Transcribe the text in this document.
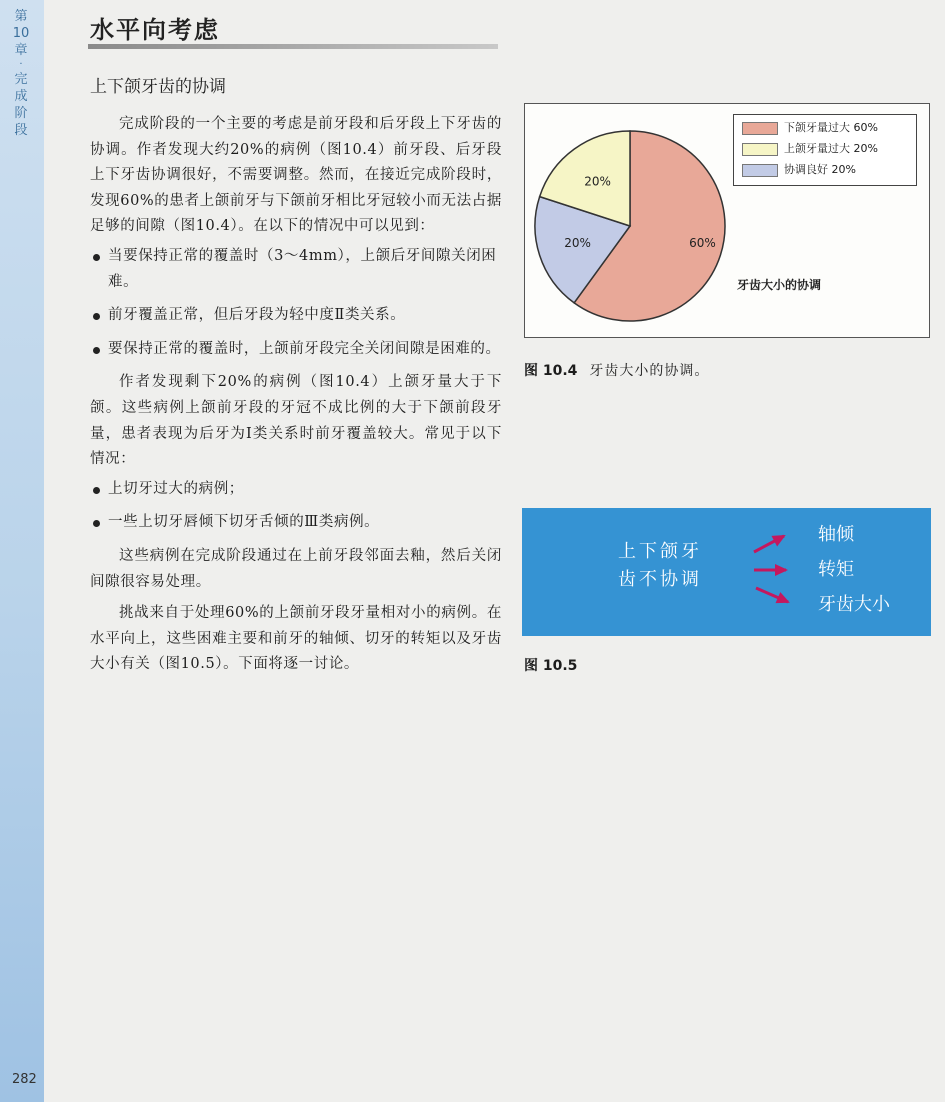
第
10
章
·
完
成
阶
段
282
水平向考虑
上下颌牙齿的协调

完成阶段的一个主要的考虑是前牙段和后牙段上下牙齿的协调。作者发现大约20%的病例（图10.4）前牙段、后牙段上下牙齿协调很好，不需要调整。然而，在接近完成阶段时，发现60%的患者上颌前牙与下颌前牙相比牙冠较小而无法占据足够的间隙（图10.4）。在以下的情况中可以见到：

当要保持正常的覆盖时（3～4mm），上颌后牙间隙关闭困难。
前牙覆盖正常，但后牙段为轻中度Ⅱ类关系。
要保持正常的覆盖时，上颌前牙段完全关闭间隙是困难的。

作者发现剩下20%的病例（图10.4）上颌牙量大于下颌。这些病例上颌前牙段的牙冠不成比例的大于下颌前段牙量，患者表现为后牙为Ⅰ类关系时前牙覆盖较大。常见于以下情况：

上切牙过大的病例；
一些上切牙唇倾下切牙舌倾的Ⅲ类病例。

这些病例在完成阶段通过在上前牙段邻面去釉，然后关闭间隙很容易处理。

挑战来自于处理60%的上颌前牙段牙量相对小的病例。在水平向上，这些困难主要和前牙的轴倾、切牙的转矩以及牙齿大小有关（图10.5）。下面将逐一讨论。

60%
20%
20%
下颌牙量过大 60%
上颌牙量过大 20%
协调良好 20%
牙齿大小的协调
图 10.4 牙齿大小的协调。
上下颌牙
齿不协调
轴倾
转矩
牙齿大小
图 10.5
